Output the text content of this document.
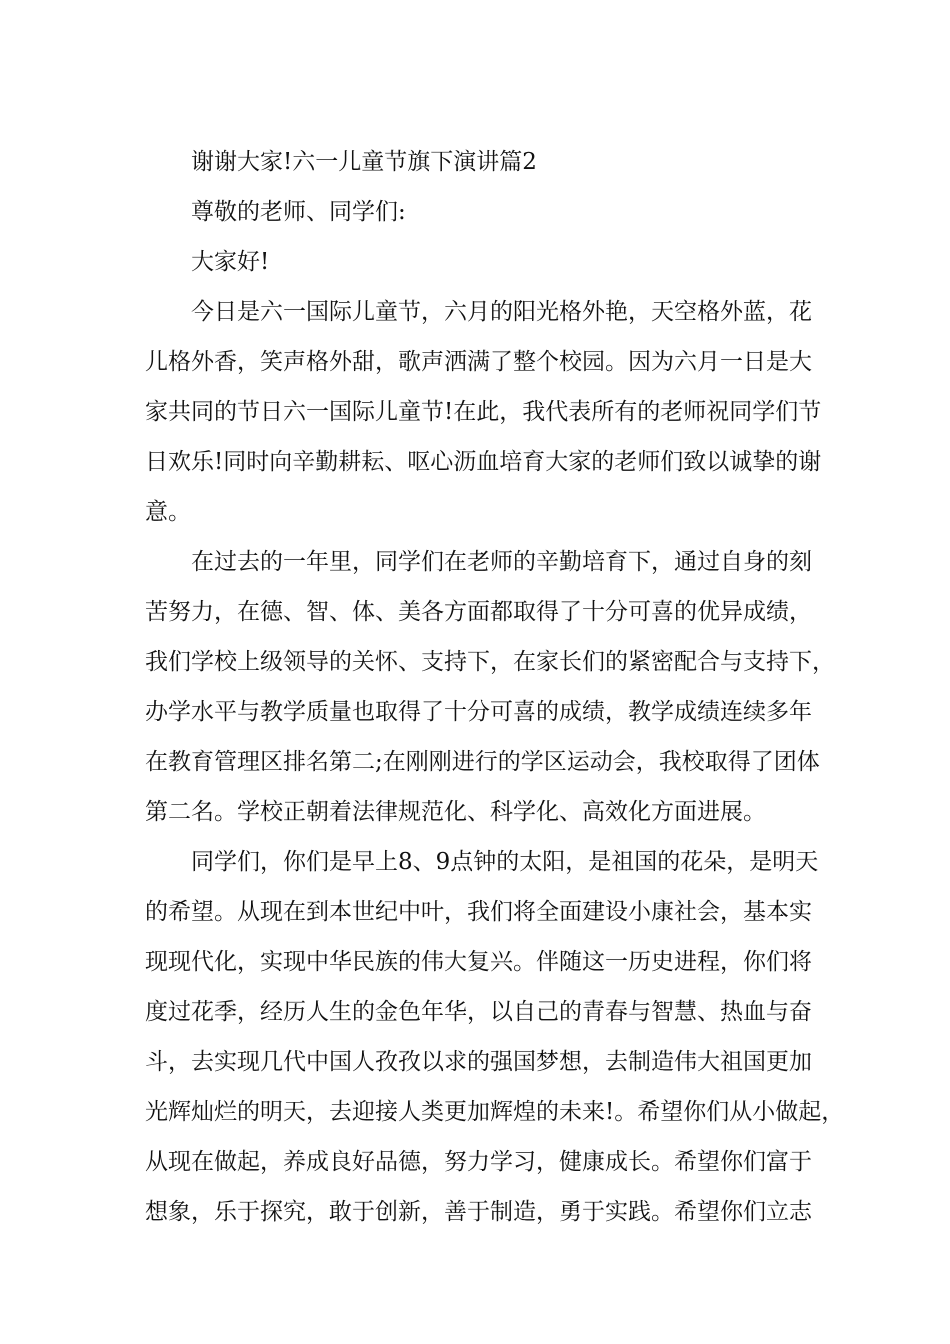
谢谢大家!六一儿童节旗下演讲篇2
尊敬的老师、同学们:
大家好!
今日是六一国际儿童节，六月的阳光格外艳，天空格外蓝，花
儿格外香，笑声格外甜，歌声洒满了整个校园。因为六月一日是大
家共同的节日六一国际儿童节!在此，我代表所有的老师祝同学们节
日欢乐!同时向辛勤耕耘、呕心沥血培育大家的老师们致以诚挚的谢
意。
在过去的一年里，同学们在老师的辛勤培育下，通过自身的刻
苦努力，在德、智、体、美各方面都取得了十分可喜的优异成绩，
我们学校上级领导的关怀、支持下，在家长们的紧密配合与支持下，
办学水平与教学质量也取得了十分可喜的成绩，教学成绩连续多年
在教育管理区排名第二;在刚刚进行的学区运动会，我校取得了团体
第二名。学校正朝着法律规范化、科学化、高效化方面进展。
同学们，你们是早上8、9点钟的太阳，是祖国的花朵，是明天
的希望。从现在到本世纪中叶，我们将全面建设小康社会，基本实
现现代化，实现中华民族的伟大复兴。伴随这一历史进程，你们将
度过花季，经历人生的金色年华，以自己的青春与智慧、热血与奋
斗，去实现几代中国人孜孜以求的强国梦想，去制造伟大祖国更加
光辉灿烂的明天，去迎接人类更加辉煌的未来!。希望你们从小做起，
从现在做起，养成良好品德，努力学习，健康成长。希望你们富于
想象，乐于探究，敢于创新，善于制造，勇于实践。希望你们立志
